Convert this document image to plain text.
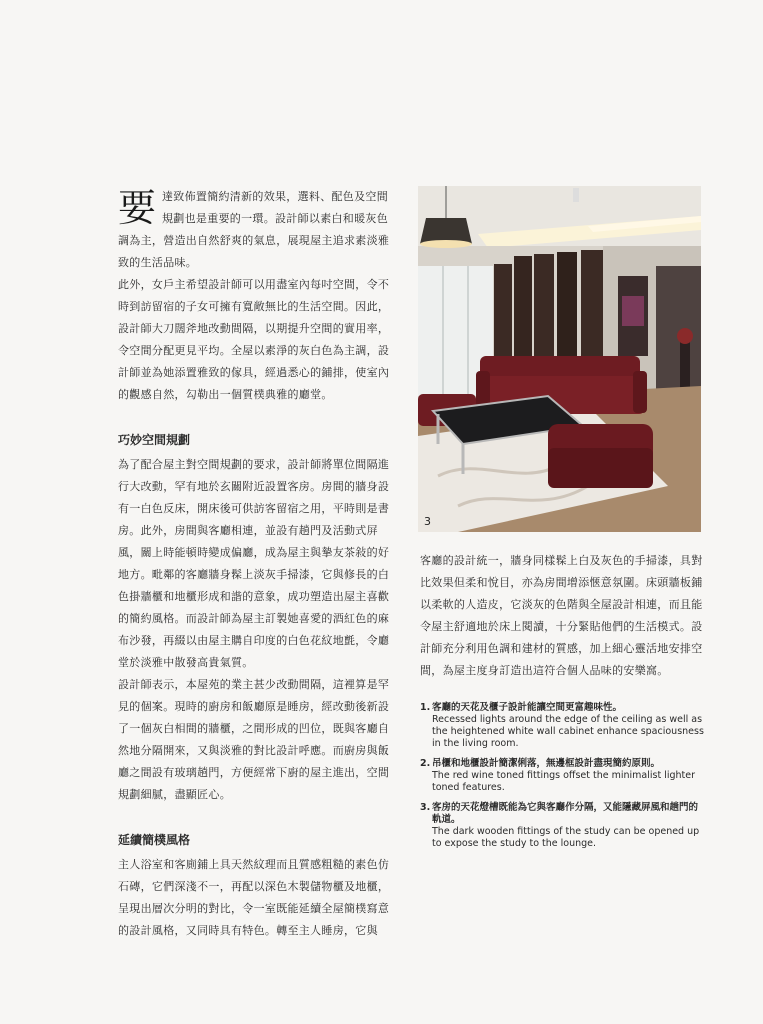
要 達致佈置簡約清新的效果，選料、配色及空間規劃也是重要的一環。設計師以素白和暖灰色調為主，營造出自然舒爽的氣息，展現屋主追求素淡雅致的生活品味。

此外，女戶主希望設計師可以用盡室內每吋空間，令不時到訪留宿的子女可擁有寬敞無比的生活空間。因此，設計師大刀闊斧地改動間隔，以期提升空間的實用率，令空間分配更見平均。全屋以素淨的灰白色為主調，設計師並為她添置雅致的傢具，經過悉心的鋪排，使室內的觀感自然，勾勒出一個質樸典雅的廳堂。

巧妙空間規劃

為了配合屋主對空間規劃的要求，設計師將單位間隔進行大改動，罕有地於玄關附近設置客房。房間的牆身設有一白色反床，開床後可供訪客留宿之用，平時則是書房。此外，房間與客廳相連，並設有趟門及活動式屏風，關上時能頓時變成偏廳，成為屋主與摯友茶敍的好地方。毗鄰的客廳牆身髹上淡灰手掃漆，它與修長的白色掛牆櫃和地櫃形成和諧的意象，成功塑造出屋主喜歡的簡約風格。而設計師為屋主訂製她喜愛的酒紅色的麻布沙發，再綴以由屋主購自印度的白色花紋地氈，令廳堂於淡雅中散發高貴氣質。

設計師表示，本屋苑的業主甚少改動間隔，這裡算是罕見的個案。現時的廚房和飯廳原是睡房，經改動後新設了一個灰白相間的牆櫃，之間形成的凹位，既與客廳自然地分隔開來，又與淡雅的對比設計呼應。而廚房與飯廳之間設有玻璃趟門，方便經常下廚的屋主進出，空間規劃細膩，盡顯匠心。

延續簡樸風格

主人浴室和客廁鋪上具天然紋理而且質感粗糙的素色仿石磚，它們深淺不一，再配以深色木製儲物櫃及地櫃，呈現出層次分明的對比，令一室既能延續全屋簡樸寫意的設計風格，又同時具有特色。轉至主人睡房，它與

3
客廳的設計統一，牆身同樣髹上白及灰色的手掃漆，具對比效果但柔和悅目，亦為房間增添愜意氛圍。床頭牆板鋪以柔軟的人造皮，它淡灰的色階與全屋設計相連，而且能令屋主舒適地於床上閱讀，十分緊貼他們的生活模式。設計師充分利用色調和建材的質感，加上細心靈活地安排空間，為屋主度身訂造出這符合個人品味的安樂窩。
1. 客廳的天花及櫃子設計能讓空間更富趣味性。
Recessed lights around the edge of the ceiling as well as the heightened white wall cabinet enhance spaciousness in the living room.
2. 吊櫃和地櫃設計簡潔俐落，無邊框設計盡現簡約原則。
The red wine toned fittings offset the minimalist lighter toned features.
3. 客房的天花燈槽既能為它與客廳作分隔，又能隱藏屏風和趟門的軌道。
The dark wooden fittings of the study can be opened up to expose the study to the lounge.
